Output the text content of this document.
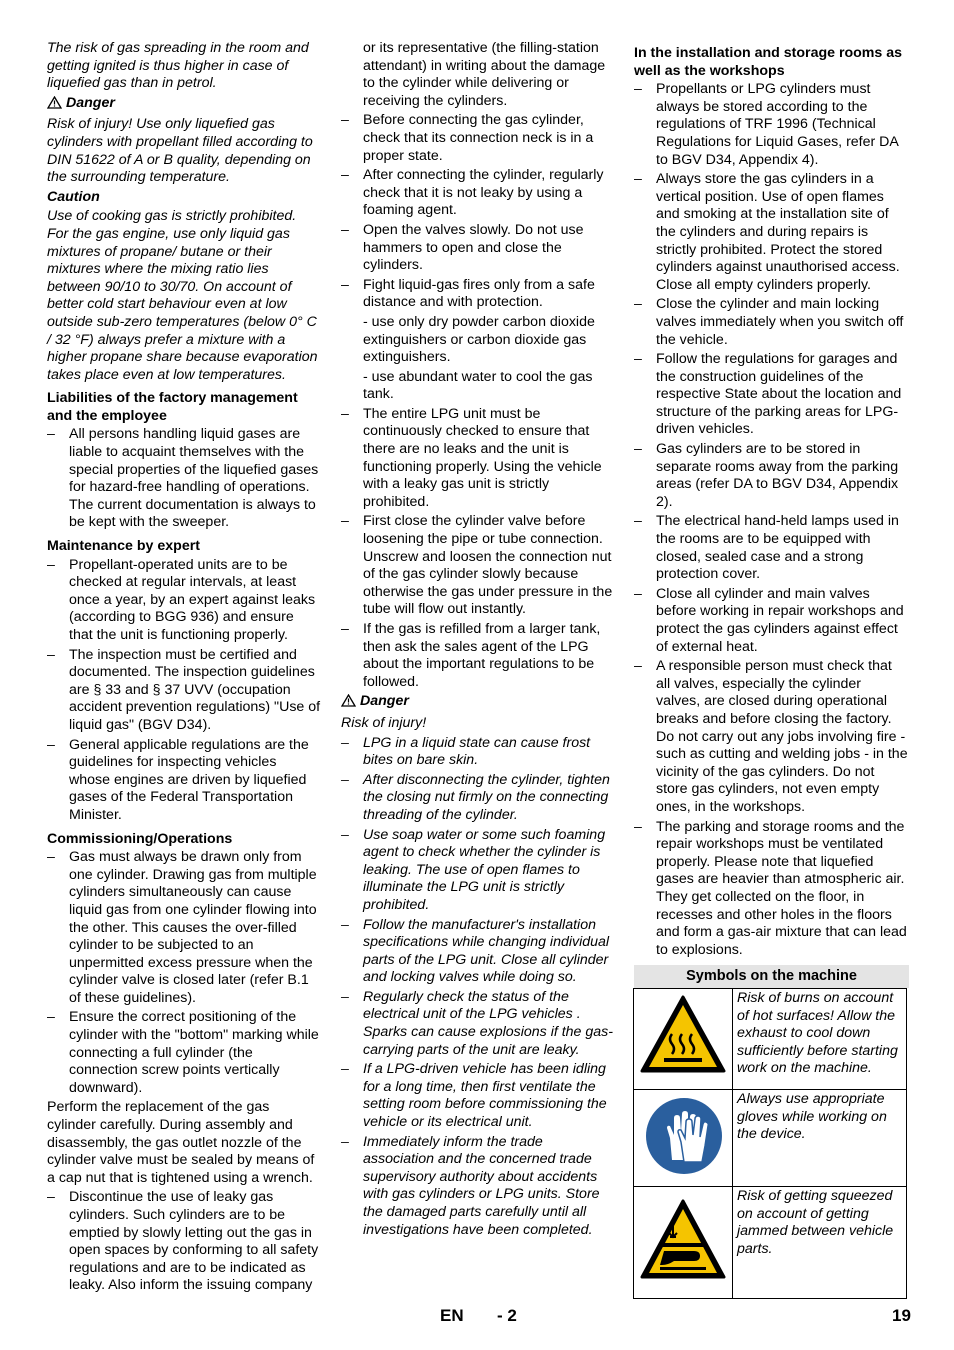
The risk of gas spreading in the room and getting ignited is thus higher in case of liquefied gas than in petrol.

Danger

Risk of injury! Use only liquefied gas cylinders with propellant filled according to DIN 51622 of A or B quality, depending on the surrounding temperature.

Caution

Use of cooking gas is strictly prohibited. For the gas engine, use only liquid gas mixtures of propane/ butane or their mixtures where the mixing ratio lies between 90/10 to 30/70. On account of better cold start behaviour even at low outside sub-zero temperatures (below 0° C / 32 °F) always prefer a mixture with a higher propane share because evaporation takes place even at low temperatures.

Liabilities of the factory management and the employee

– All persons handling liquid gases are liable to acquaint themselves with the special properties of the liquefied gases for hazard-free handling of operations. The current documentation is always to be kept with the sweeper.

Maintenance by expert

– Propellant-operated units are to be checked at regular intervals, at least once a year, by an expert against leaks (according to BGG 936) and ensure that the unit is functioning properly.
– The inspection must be certified and documented. The inspection guidelines are § 33 and § 37 UVV (occupation accident prevention regulations) "Use of liquid gas" (BGV D34).
– General applicable regulations are the guidelines for inspecting vehicles whose engines are driven by liquefied gases of the Federal Transportation Minister.

Commissioning/Operations

– Gas must always be drawn only from one cylinder. Drawing gas from multiple cylinders simultaneously can cause liquid gas from one cylinder flowing into the other. This causes the over-filled cylinder to be subjected to an unpermitted excess pressure when the cylinder valve is closed later (refer B.1 of these guidelines).
– Ensure the correct positioning of the cylinder with the "bottom" marking while connecting a full cylinder (the connection screw points vertically downward).

Perform the replacement of the gas cylinder carefully. During assembly and disassembly, the gas outlet nozzle of the cylinder valve must be sealed by means of a cap nut that is tightened using a wrench.

– Discontinue the use of leaky gas cylinders. Such cylinders are to be emptied by slowly letting out the gas in open spaces by conforming to all safety regulations and are to be indicated as leaky. Also inform the issuing company

or its representative (the filling-station attendant) in writing about the damage to the cylinder while delivering or receiving the cylinders.

– Before connecting the gas cylinder, check that its connection neck is in a proper state.
– After connecting the cylinder, regularly check that it is not leaky by using a foaming agent.
– Open the valves slowly. Do not use hammers to open and close the cylinders.
– Fight liquid-gas fires only from a safe distance and with protection.

- use only dry powder carbon dioxide extinguishers or carbon dioxide gas extinguishers.

- use abundant water to cool the gas tank.

– The entire LPG unit must be continuously checked to ensure that there are no leaks and the unit is functioning properly. Using the vehicle with a leaky gas unit is strictly prohibited.
– First close the cylinder valve before loosening the pipe or tube connection. Unscrew and loosen the connection nut of the gas cylinder slowly because otherwise the gas under pressure in the tube will flow out instantly.
– If the gas is refilled from a larger tank, then ask the sales agent of the LPG about the important regulations to be followed.

Danger

Risk of injury!

– LPG in a liquid state can cause frost bites on bare skin.
– After disconnecting the cylinder, tighten the closing nut firmly on the connecting threading of the cylinder.
– Use soap water or some such foaming agent to check whether the cylinder is leaking. The use of open flames to illuminate the LPG unit is strictly prohibited.
– Follow the manufacturer's installation specifications while changing individual parts of the LPG unit. Close all cylinder and locking valves while doing so.
– Regularly check the status of the electrical unit of the LPG vehicles . Sparks can cause explosions if the gas-carrying parts of the unit are leaky.
– If a LPG-driven vehicle has been idling for a long time, then first ventilate the setting room before commissioning the vehicle or its electrical unit.
– Immediately inform the trade association and the concerned trade supervisory authority about accidents with gas cylinders or LPG units. Store the damaged parts carefully until all investigations have been completed.

In the installation and storage rooms as well as the workshops

– Propellants or LPG cylinders must always be stored according to the regulations of TRF 1996 (Technical Regulations for Liquid Gases, refer DA to BGV D34, Appendix 4).
– Always store the gas cylinders in a vertical position. Use of open flames and smoking at the installation site of the cylinders and during repairs is strictly prohibited. Protect the stored cylinders against unauthorised access. Close all empty cylinders properly.
– Close the cylinder and main locking valves immediately when you switch off the vehicle.
– Follow the regulations for garages and the construction guidelines of the respective State about the location and structure of the parking areas for LPG-driven vehicles.
– Gas cylinders are to be stored in separate rooms away from the parking areas (refer DA to BGV D34, Appendix 2).
– The electrical hand-held lamps used in the rooms are to be equipped with closed, sealed case and a strong protection cover.
– Close all cylinder and main valves before working in repair workshops and protect the gas cylinders against effect of external heat.
– A responsible person must check that all valves, especially the cylinder valves, are closed during operational breaks and before closing the factory. Do not carry out any jobs involving fire - such as cutting and welding jobs - in the vicinity of the gas cylinders. Do not store gas cylinders, not even empty ones, in the workshops.
– The parking and storage rooms and the repair workshops must be ventilated properly. Please note that liquefied gases are heavier than atmospheric air. They get collected on the floor, in recesses and other holes in the floors and form a gas-air mixture that can lead to explosions.
Symbols on the machine
	Risk of burns on account of hot surfaces! Allow the exhaust to cool down sufficiently before starting work on the machine.
	Always use appropriate gloves while working on the device.
	Risk of getting squeezed on account of getting jammed between vehicle parts.
EN - 2	19
